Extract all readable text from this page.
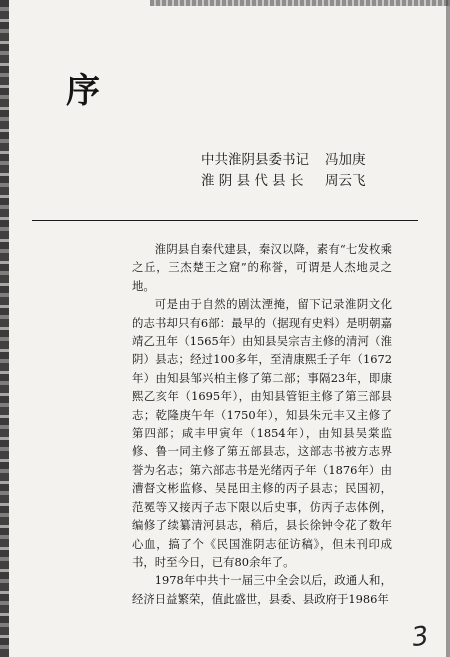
序
中共淮阴县委书记	冯加庚
淮 阴 县 代 县 长	周云飞

淮阴县自秦代建县，秦汉以降，素有“七发枚乘之丘，三杰楚王之窟”的称誉，可谓是人杰地灵之地。

可是由于自然的剧汰湮掩，留下记录淮阴文化的志书却只有6部：最早的（据现有史料）是明朝嘉靖乙丑年（1565年）由知县吴宗吉主修的清河（淮阴）县志；经过100多年，至清康熙壬子年（1672年）由知县邹兴柏主修了第二部；事隔23年，即康熙乙亥年（1695年），由知县管钜主修了第三部县志；乾隆庚午年（1750年），知县朱元丰又主修了第四部；咸丰甲寅年（1854年），由知县吴棠监修、鲁一同主修了第五部县志，这部志书被方志界誉为名志；第六部志书是光绪丙子年（1876年）由漕督文彬监修、吴昆田主修的丙子县志；民国初，范冕等又接丙子志下限以后史事，仿丙子志体例，编修了续纂清河县志，稍后，县长徐钟令花了数年心血，搞了个《民国淮阴志征访稿》，但未刊印成书，时至今日，已有80余年了。

1978年中共十一届三中全会以后，政通人和，经济日益繁荣，值此盛世，县委、县政府于1986年

3
